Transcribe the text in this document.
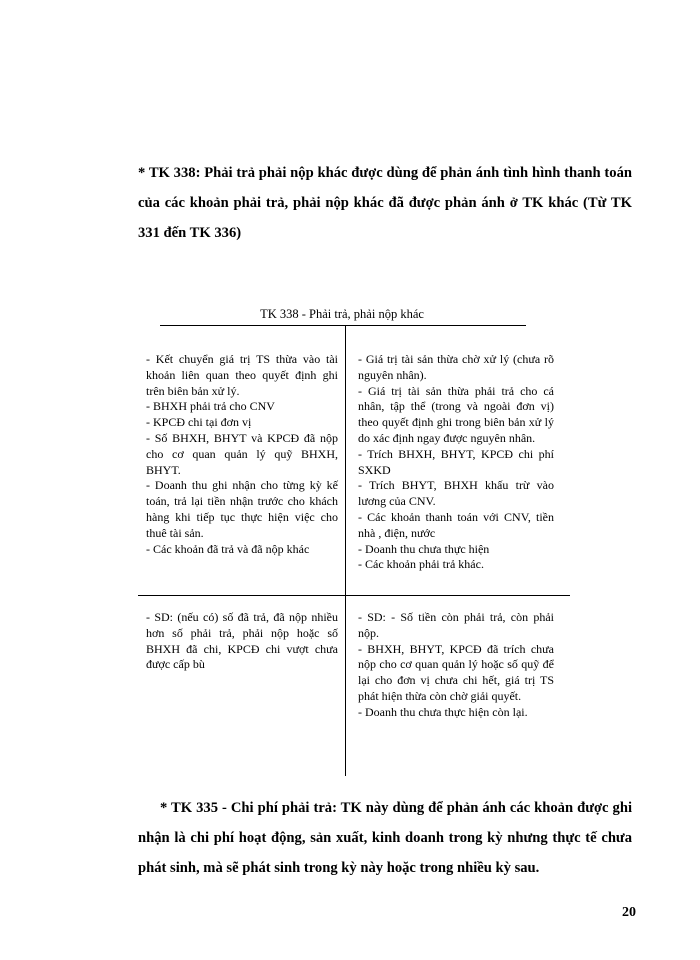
* TK 338: Phải trả phải nộp khác được dùng để phản ánh tình hình thanh toán của các khoản phải trả, phải nộp khác đã được phản ánh ở TK khác (Từ TK 331 đến TK 336)

TK 338 - Phải trả, phải nộp khác
- Kết chuyển giá trị TS thừa vào tài khoản liên quan theo quyết định ghi trên biên bản xử lý.
- BHXH phải trả cho CNV
- KPCĐ chi tại đơn vị
- Số BHXH, BHYT và KPCĐ đã nộp cho cơ quan quản lý quỹ BHXH, BHYT.
- Doanh thu ghi nhận cho từng kỳ kế toán, trả lại tiền nhận trước cho khách hàng khi tiếp tục thực hiện việc cho thuê tài sản.
- Các khoản đã trả và đã nộp khác
- Giá trị tài sản thừa chờ xử lý (chưa rõ nguyên nhân).
- Giá trị tài sản thừa phải trả cho cá nhân, tập thể (trong và ngoài đơn vị) theo quyết định ghi trong biên bản xử lý do xác định ngay được nguyên nhân.
- Trích BHXH, BHYT, KPCĐ chi phí SXKD
- Trích BHYT, BHXH khấu trừ vào lương của CNV.
- Các khoản thanh toán với CNV, tiền nhà , điện, nước
- Doanh thu chưa thực hiện
- Các khoản phải trả khác.
- SD: (nếu có) số đã trả, đã nộp nhiều hơn số phải trả, phải nộp hoặc số BHXH đã chi, KPCĐ chi vượt chưa được cấp bù
- SD: - Số tiền còn phải trả, còn phải nộp.
- BHXH, BHYT, KPCĐ đã trích chưa nộp cho cơ quan quản lý hoặc số quỹ để lại cho đơn vị chưa chi hết, giá trị TS phát hiện thừa còn chờ giải quyết.
- Doanh thu chưa thực hiện còn lại.

* TK 335 - Chi phí phải trả: TK này dùng để phản ánh các khoản được ghi nhận là chi phí hoạt động, sản xuất, kinh doanh trong kỳ nhưng thực tế chưa phát sinh, mà sẽ phát sinh trong kỳ này hoặc trong nhiều kỳ sau.

20
